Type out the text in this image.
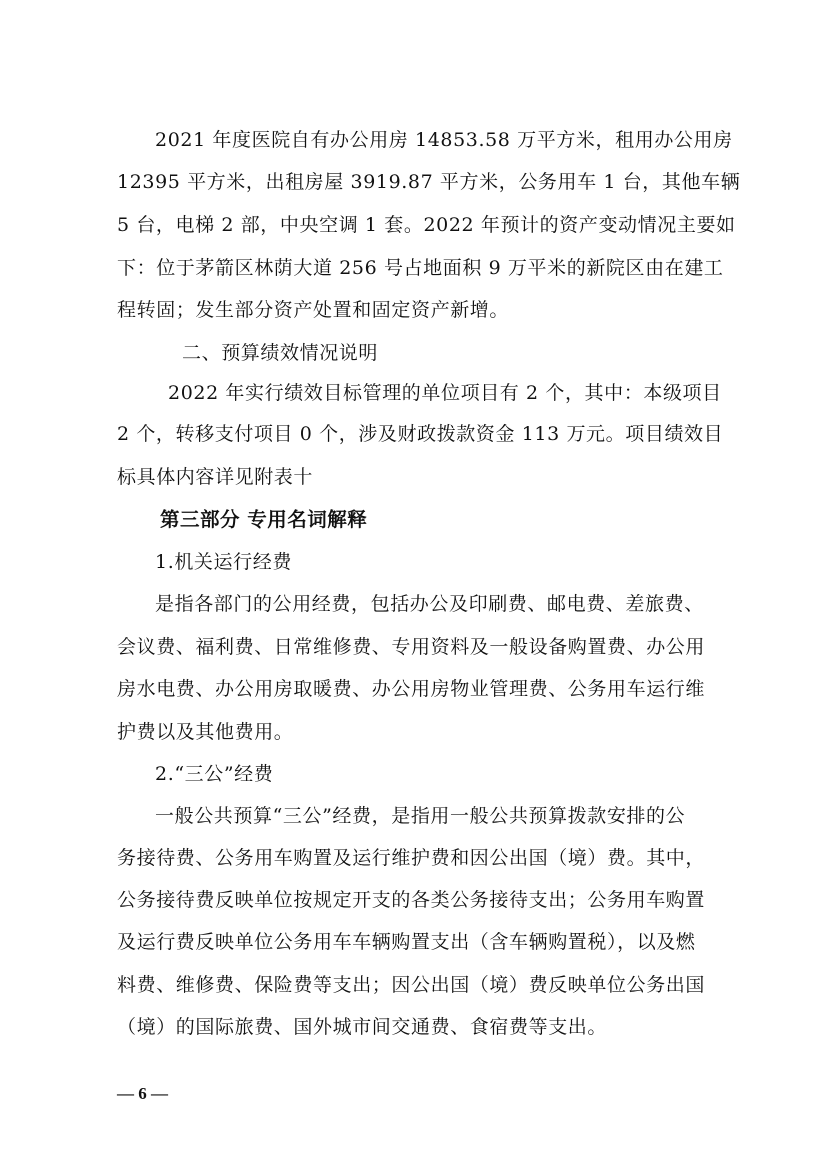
2021 年度医院自有办公用房 14853.58 万平方米，租用办公用房
12395 平方米，出租房屋 3919.87 平方米，公务用车 1 台，其他车辆
5 台，电梯 2 部，中央空调 1 套。2022 年预计的资产变动情况主要如
下：位于茅箭区林荫大道 256 号占地面积 9 万平米的新院区由在建工
程转固；发生部分资产处置和固定资产新增。
二、预算绩效情况说明
2022 年实行绩效目标管理的单位项目有 2 个，其中：本级项目
2 个，转移支付项目 0 个，涉及财政拨款资金 113 万元。项目绩效目
标具体内容详见附表十
第三部分 专用名词解释
1.机关运行经费
是指各部门的公用经费，包括办公及印刷费、邮电费、差旅费、
会议费、福利费、日常维修费、专用资料及一般设备购置费、办公用
房水电费、办公用房取暖费、办公用房物业管理费、公务用车运行维
护费以及其他费用。
2.“三公”经费
一般公共预算“三公”经费，是指用一般公共预算拨款安排的公
务接待费、公务用车购置及运行维护费和因公出国（境）费。其中，
公务接待费反映单位按规定开支的各类公务接待支出；公务用车购置
及运行费反映单位公务用车车辆购置支出（含车辆购置税），以及燃
料费、维修费、保险费等支出；因公出国（境）费反映单位公务出国
（境）的国际旅费、国外城市间交通费、食宿费等支出。
— 6 —
